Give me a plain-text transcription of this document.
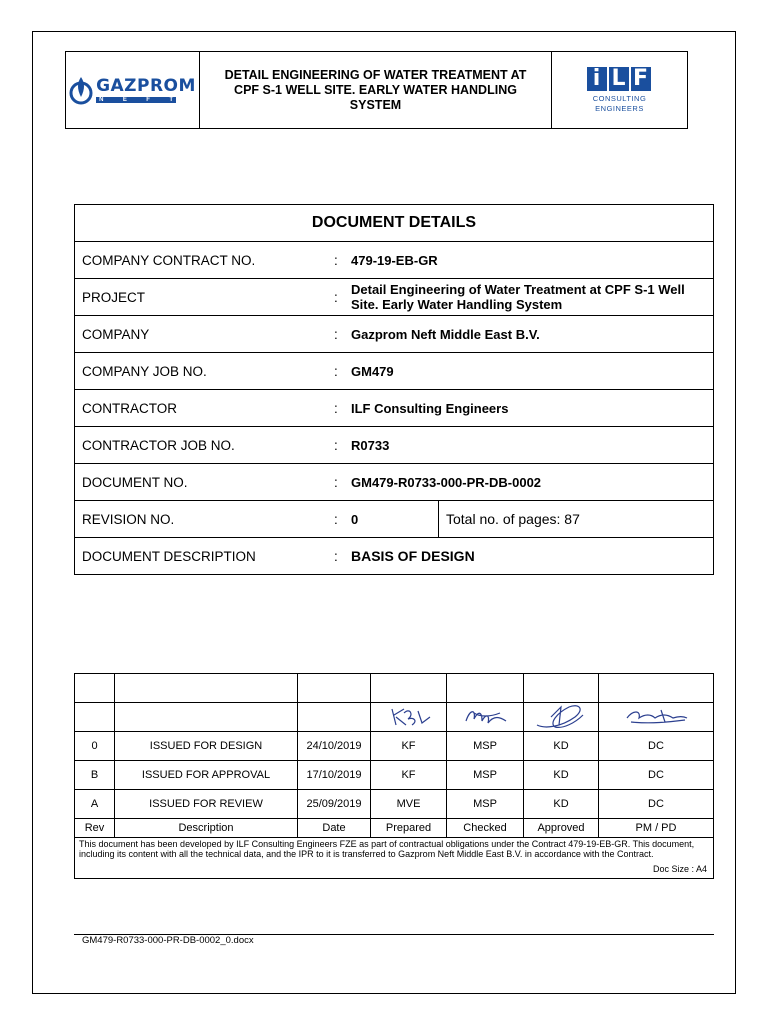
GAZPROM
N	E	F	T
DETAIL ENGINEERING OF WATER TREATMENT AT CPF S-1 WELL SITE. EARLY WATER HANDLING SYSTEM
i L F
CONSULTING
ENGINEERS
DOCUMENT DETAILS			
COMPANY CONTRACT NO.	:	479-19-EB-GR	
PROJECT	:	Detail Engineering of Water Treatment at CPF S-1 Well Site. Early Water Handling System	
COMPANY	:	Gazprom Neft Middle East B.V.	
COMPANY JOB NO.	:	GM479	
CONTRACTOR	:	ILF Consulting Engineers	
CONTRACTOR JOB NO.	:	R0733	
DOCUMENT NO.	:	GM479-R0733-000-PR-DB-0002	
REVISION NO.	:	0	Total no. of pages: 87
DOCUMENT DESCRIPTION	:	BASIS OF DESIGN	

0	ISSUED FOR DESIGN	24/10/2019	KF	MSP	KD	DC
B	ISSUED FOR APPROVAL	17/10/2019	KF	MSP	KD	DC
A	ISSUED FOR REVIEW	25/09/2019	MVE	MSP	KD	DC
Rev	Description	Date	Prepared	Checked	Approved	PM / PD
This document has been developed by ILF Consulting Engineers FZE as part of contractual obligations under the Contract 479-19-EB-GR. This document, including its content with all the technical data, and the IPR to it is transferred to Gazprom Neft Middle East B.V. in accordance with the Contract.						
Doc Size : A4						
GM479-R0733-000-PR-DB-0002_0.docx
